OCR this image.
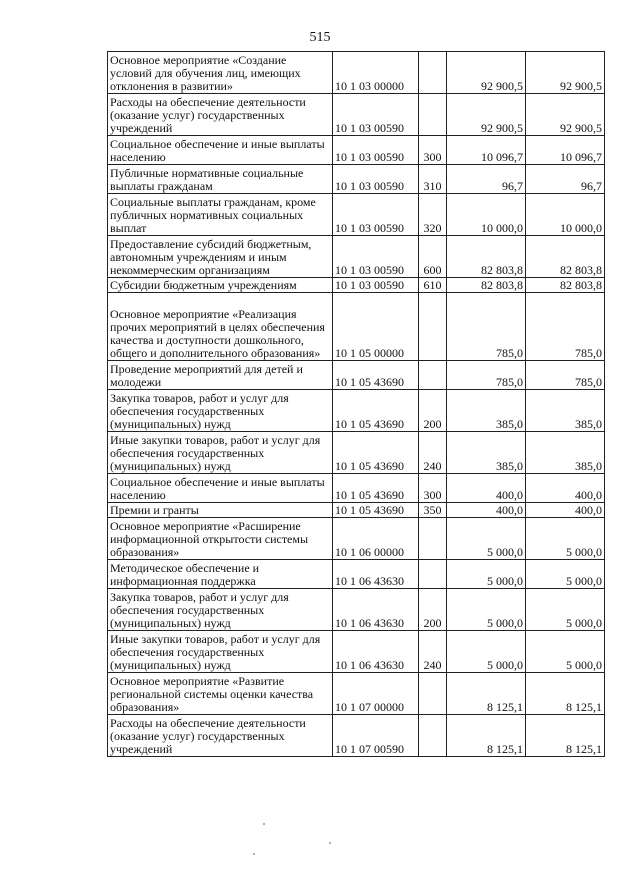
515
Основное мероприятие «Создание условий для обучения лиц, имеющих отклонения в развитии»	10 1 03 00000		92 900,5	92 900,5
Расходы на обеспечение деятельности (оказание услуг) государственных учреждений	10 1 03 00590		92 900,5	92 900,5
Социальное обеспечение и иные выплаты населению	10 1 03 00590	300	10 096,7	10 096,7
Публичные нормативные социальные выплаты гражданам	10 1 03 00590	310	96,7	96,7
Социальные выплаты гражданам, кроме публичных нормативных социальных выплат	10 1 03 00590	320	10 000,0	10 000,0
Предоставление субсидий бюджетным, автономным учреждениям и иным некоммерческим организациям	10 1 03 00590	600	82 803,8	82 803,8
Субсидии бюджетным учреждениям	10 1 03 00590	610	82 803,8	82 803,8
Основное мероприятие «Реализация прочих мероприятий в целях обеспечения качества и доступности дошкольного, общего и дополнительного образования»	10 1 05 00000		785,0	785,0
Проведение мероприятий для детей и молодежи	10 1 05 43690		785,0	785,0
Закупка товаров, работ и услуг для обеспечения государственных (муниципальных) нужд	10 1 05 43690	200	385,0	385,0
Иные закупки товаров, работ и услуг для обеспечения государственных (муниципальных) нужд	10 1 05 43690	240	385,0	385,0
Социальное обеспечение и иные выплаты населению	10 1 05 43690	300	400,0	400,0
Премии и гранты	10 1 05 43690	350	400,0	400,0
Основное мероприятие «Расширение информационной открытости системы образования»	10 1 06 00000		5 000,0	5 000,0
Методическое обеспечение и информационная поддержка	10 1 06 43630		5 000,0	5 000,0
Закупка товаров, работ и услуг для обеспечения государственных (муниципальных) нужд	10 1 06 43630	200	5 000,0	5 000,0
Иные закупки товаров, работ и услуг для обеспечения государственных (муниципальных) нужд	10 1 06 43630	240	5 000,0	5 000,0
Основное мероприятие «Развитие региональной системы оценки качества образования»	10 1 07 00000		8 125,1	8 125,1
Расходы на обеспечение деятельности (оказание услуг) государственных учреждений	10 1 07 00590		8 125,1	8 125,1
